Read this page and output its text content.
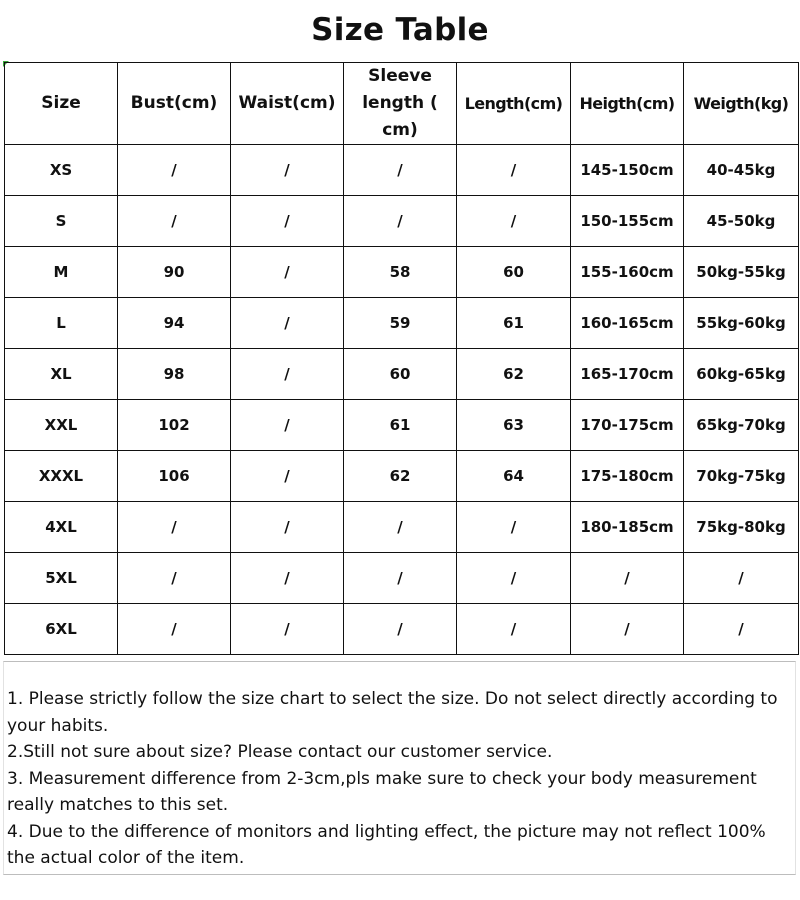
Size Table
Size	Bust(cm)	Waist(cm)	Sleeve length ( cm)	Length(cm)	Heigth(cm)	Weigth(kg)
XS	/	/	/	/	145-150cm	40-45kg
S	/	/	/	/	150-155cm	45-50kg
M	90	/	58	60	155-160cm	50kg-55kg
L	94	/	59	61	160-165cm	55kg-60kg
XL	98	/	60	62	165-170cm	60kg-65kg
XXL	102	/	61	63	170-175cm	65kg-70kg
XXXL	106	/	62	64	175-180cm	70kg-75kg
4XL	/	/	/	/	180-185cm	75kg-80kg
5XL	/	/	/	/	/	/
6XL	/	/	/	/	/	/

1. Please strictly follow the size chart to select the size. Do not select directly according to your habits.

2.Still not sure about size? Please contact our customer service.

3. Measurement difference from 2-3cm,pls make sure to check your body measurement really matches to this set.

4. Due to the difference of monitors and lighting effect, the picture may not reflect 100% the actual color of the item.
